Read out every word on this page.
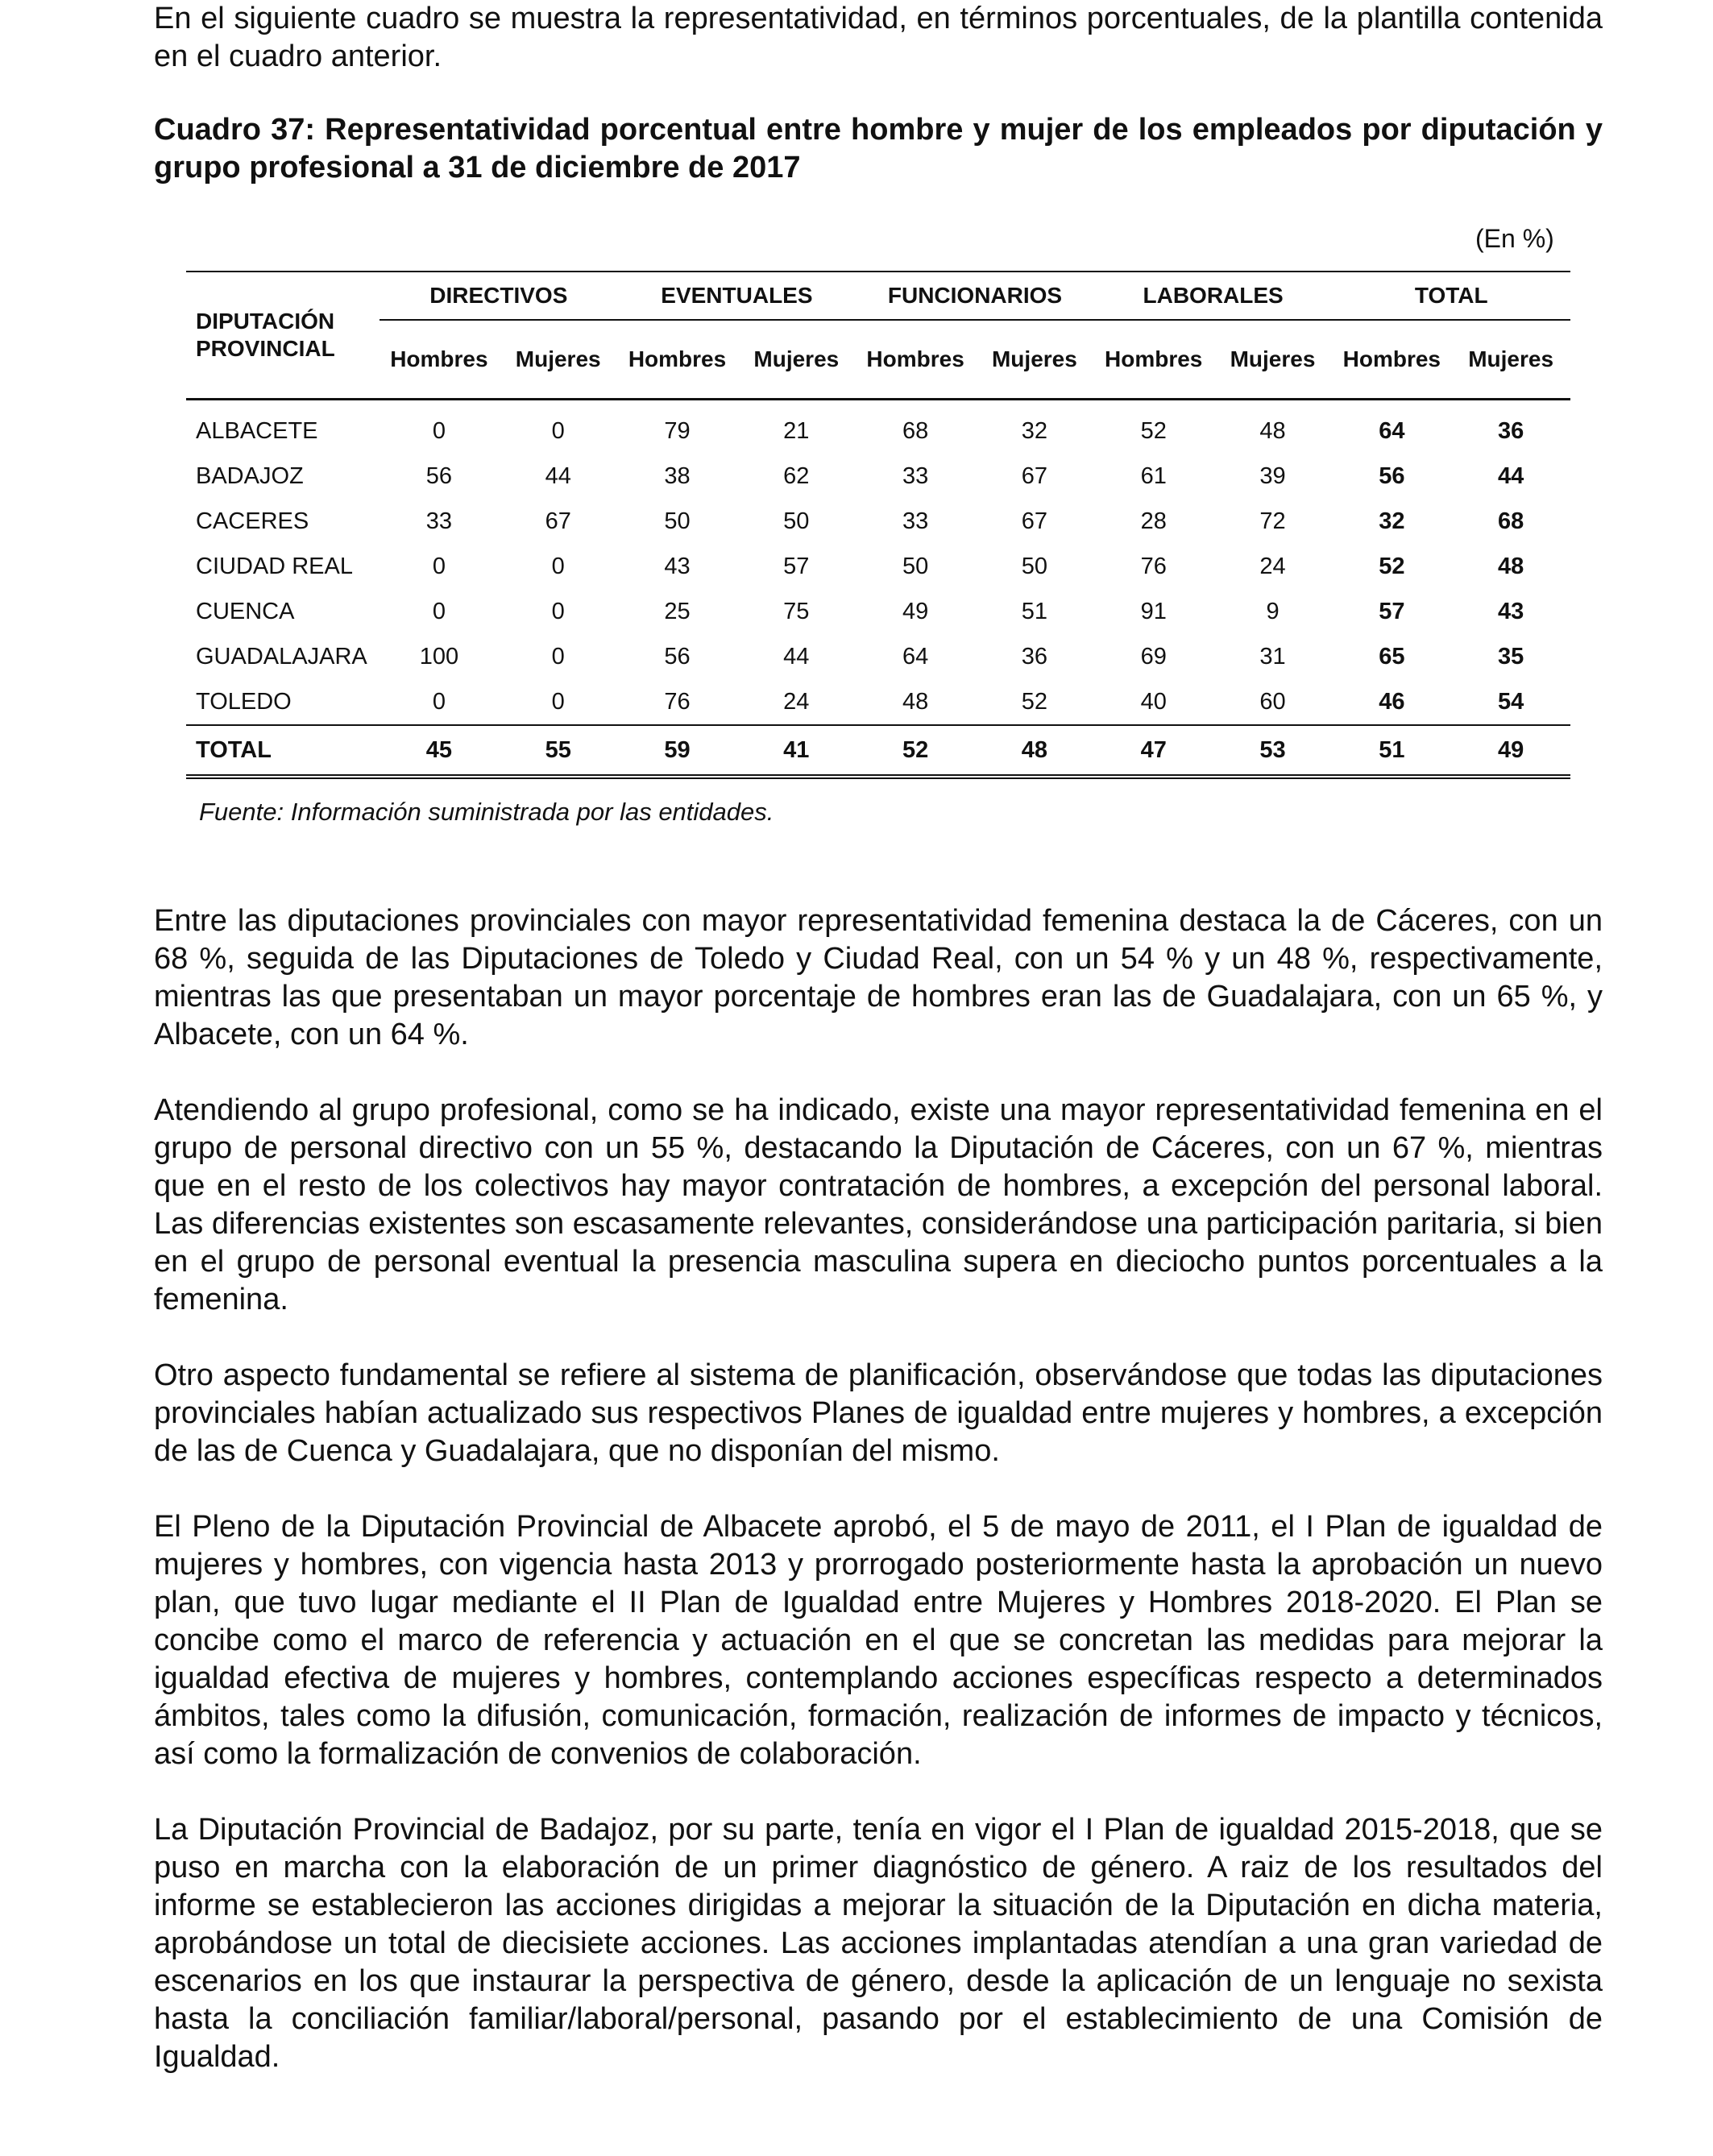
En el siguiente cuadro se muestra la representatividad, en términos porcentuales, de la plantilla contenida en el cuadro anterior.

Cuadro 37: Representatividad porcentual entre hombre y mujer de los empleados por diputación y grupo profesional a 31 de diciembre de 2017

(En %)
DIPUTACIÓN PROVINCIAL	DIRECTIVOS		EVENTUALES		FUNCIONARIOS		LABORALES		TOTAL	
	Hombres	Mujeres	Hombres	Mujeres	Hombres	Mujeres	Hombres	Mujeres	Hombres	Mujeres
ALBACETE	0	0	79	21	68	32	52	48	64	36
BADAJOZ	56	44	38	62	33	67	61	39	56	44
CACERES	33	67	50	50	33	67	28	72	32	68
CIUDAD REAL	0	0	43	57	50	50	76	24	52	48
CUENCA	0	0	25	75	49	51	91	9	57	43
GUADALAJARA	100	0	56	44	64	36	69	31	65	35
TOLEDO	0	0	76	24	48	52	40	60	46	54
TOTAL	45	55	59	41	52	48	47	53	51	49
Fuente: Información suministrada por las entidades.

Entre las diputaciones provinciales con mayor representatividad femenina destaca la de Cáceres, con un 68 %, seguida de las Diputaciones de Toledo y Ciudad Real, con un 54 % y un 48 %, respectivamente, mientras las que presentaban un mayor porcentaje de hombres eran las de Guadalajara, con un 65 %, y Albacete, con un 64 %.

Atendiendo al grupo profesional, como se ha indicado, existe una mayor representatividad femenina en el grupo de personal directivo con un 55 %, destacando la Diputación de Cáceres, con un 67 %, mientras que en el resto de los colectivos hay mayor contratación de hombres, a excepción del personal laboral. Las diferencias existentes son escasamente relevantes, considerándose una participación paritaria, si bien en el grupo de personal eventual la presencia masculina supera en dieciocho puntos porcentuales a la femenina.

Otro aspecto fundamental se refiere al sistema de planificación, observándose que todas las diputaciones provinciales habían actualizado sus respectivos Planes de igualdad entre mujeres y hombres, a excepción de las de Cuenca y Guadalajara, que no disponían del mismo.

El Pleno de la Diputación Provincial de Albacete aprobó, el 5 de mayo de 2011, el I Plan de igualdad de mujeres y hombres, con vigencia hasta 2013 y prorrogado posteriormente hasta la aprobación un nuevo plan, que tuvo lugar mediante el II Plan de Igualdad entre Mujeres y Hombres 2018-2020. El Plan se concibe como el marco de referencia y actuación en el que se concretan las medidas para mejorar la igualdad efectiva de mujeres y hombres, contemplando acciones específicas respecto a determinados ámbitos, tales como la difusión, comunicación, formación, realización de informes de impacto y técnicos, así como la formalización de convenios de colaboración.

La Diputación Provincial de Badajoz, por su parte, tenía en vigor el I Plan de igualdad 2015-2018, que se puso en marcha con la elaboración de un primer diagnóstico de género. A raiz de los resultados del informe se establecieron las acciones dirigidas a mejorar la situación de la Diputación en dicha materia, aprobándose un total de diecisiete acciones. Las acciones implantadas atendían a una gran variedad de escenarios en los que instaurar la perspectiva de género, desde la aplicación de un lenguaje no sexista hasta la conciliación familiar/laboral/personal, pasando por el establecimiento de una Comisión de Igualdad.
